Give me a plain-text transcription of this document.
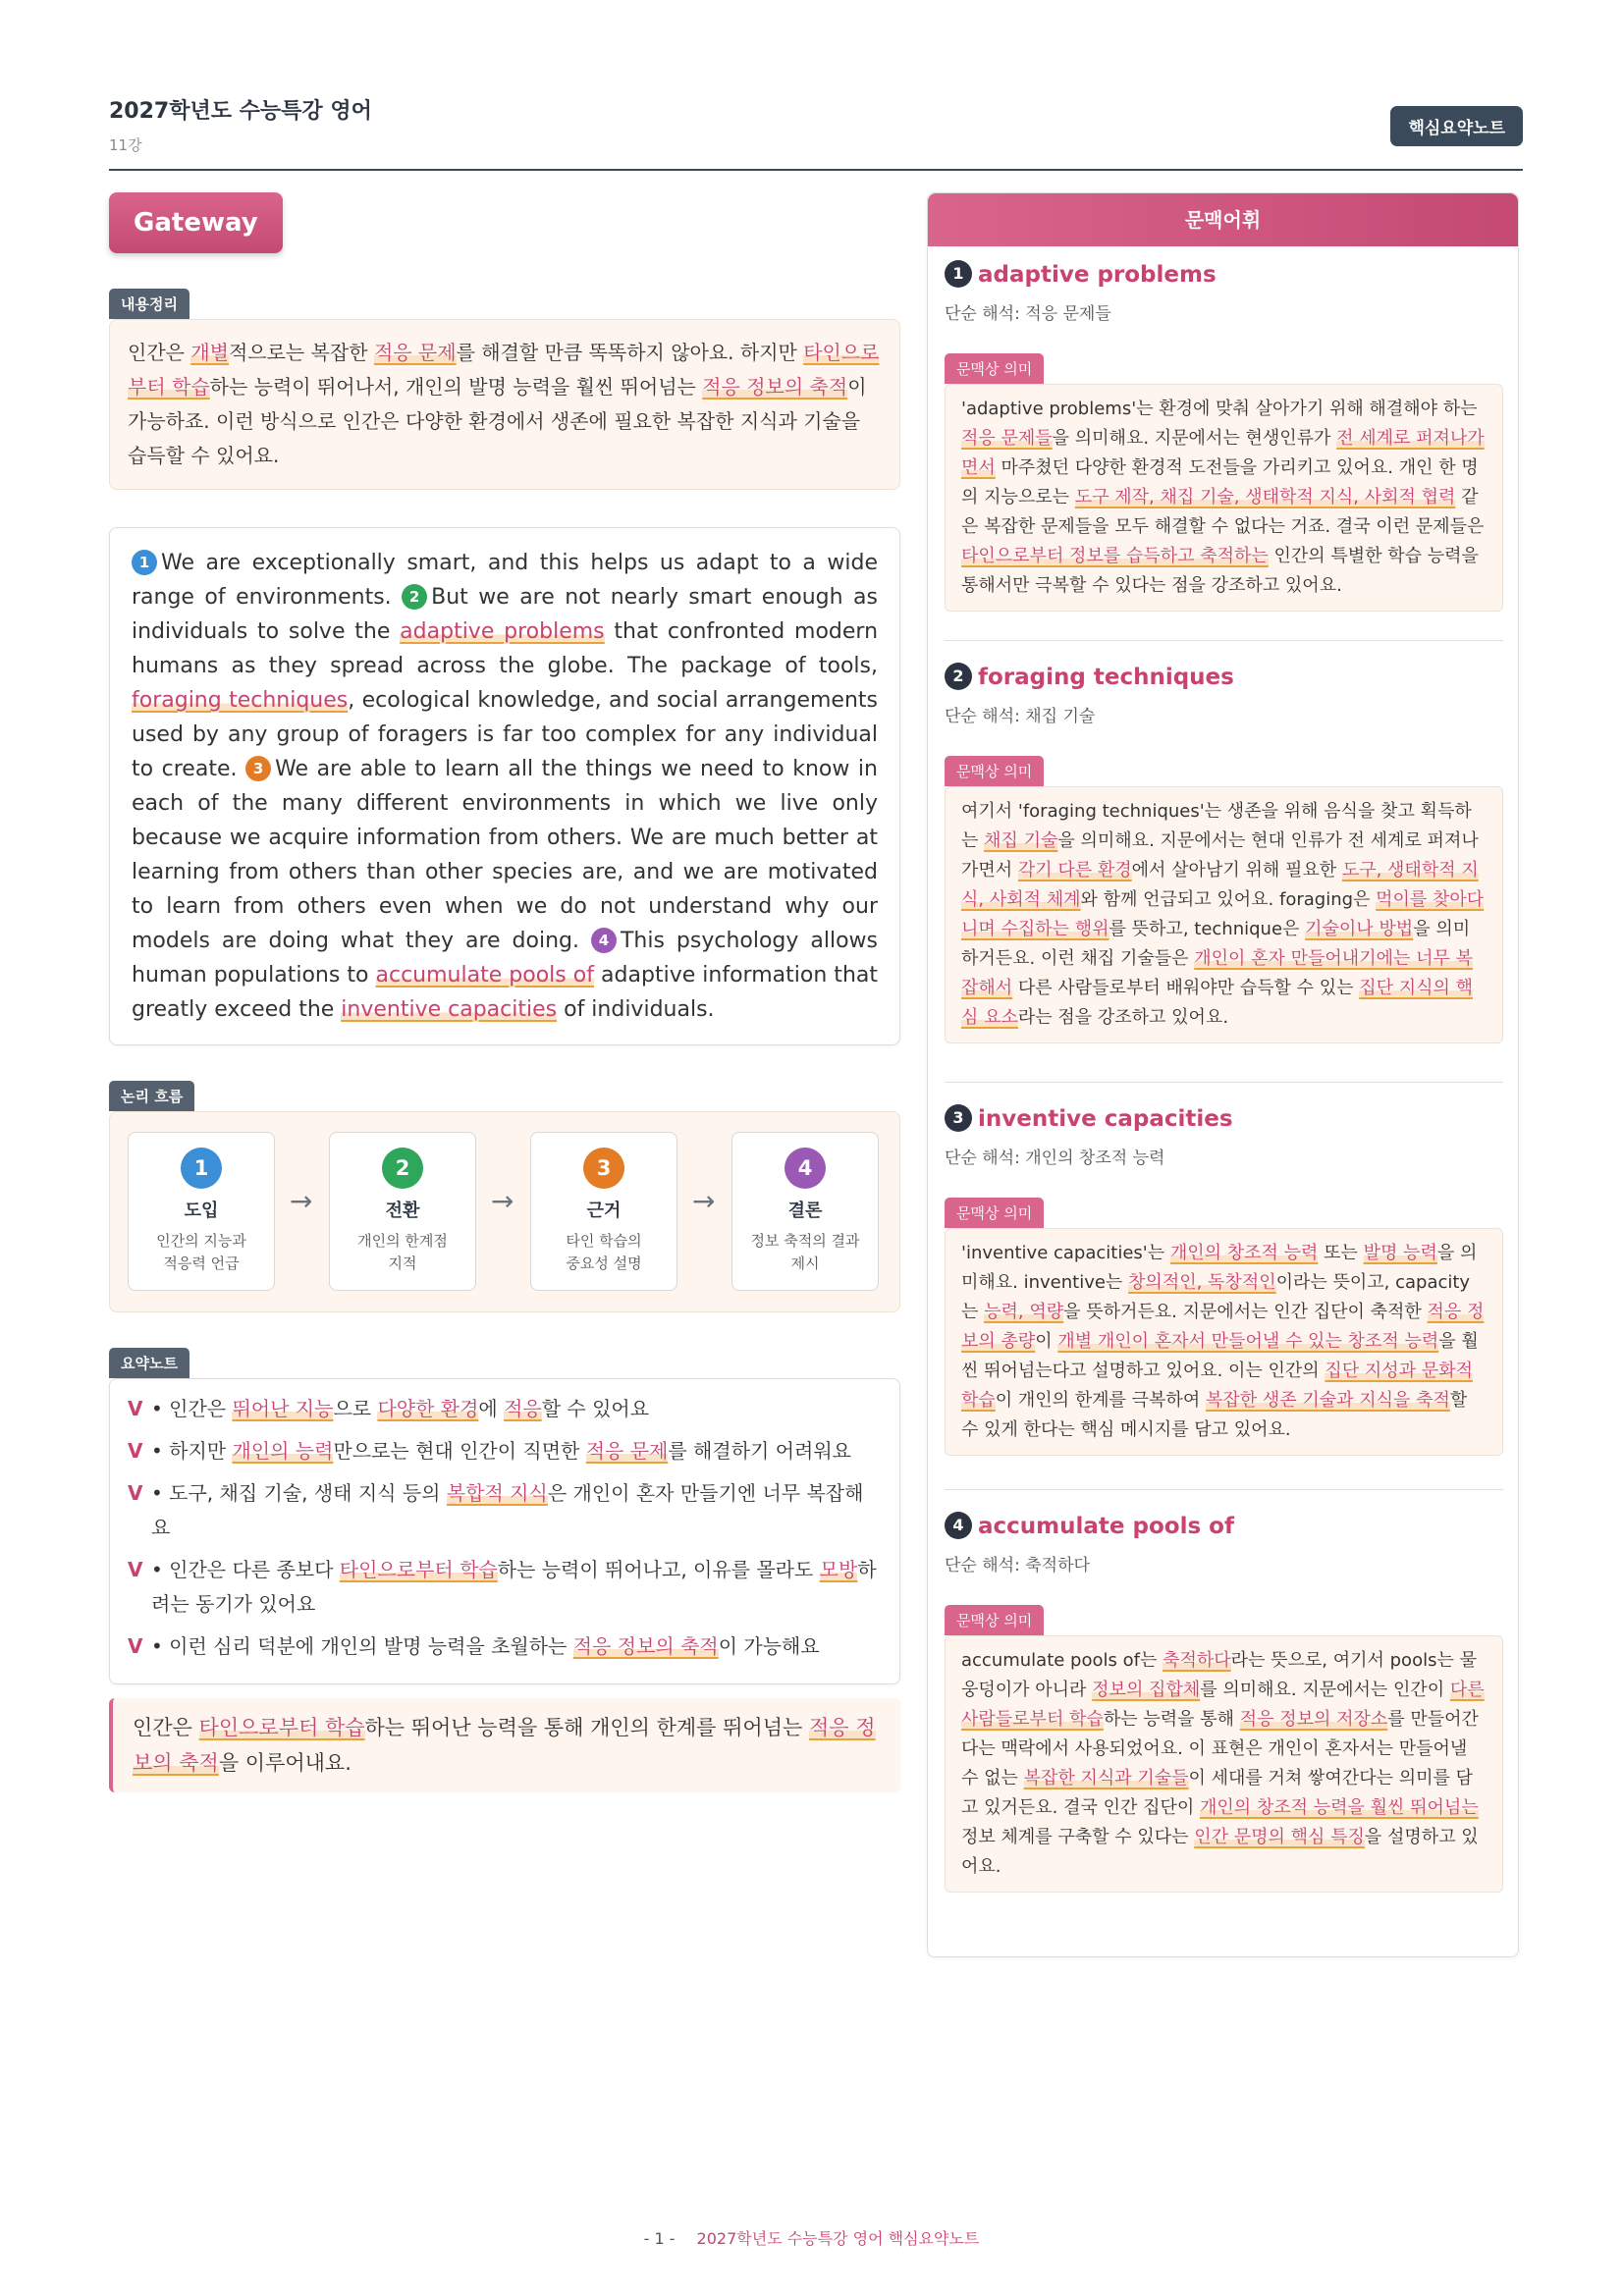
2027학년도 수능특강 영어
11강
핵심요약노트
Gateway
내용정리
인간은 개별적으로는 복잡한 적응 문제를 해결할 만큼 똑똑하지 않아요. 하지만 타인으로부터 학습하는 능력이 뛰어나서, 개인의 발명 능력을 훨씬 뛰어넘는 적응 정보의 축적이 가능하죠. 이런 방식으로 인간은 다양한 환경에서 생존에 필요한 복잡한 지식과 기술을 습득할 수 있어요.
1 We are exceptionally smart, and this helps us adapt to a wide range of environments. 2 But we are not nearly smart enough as individuals to solve the adaptive problems that confronted modern humans as they spread across the globe. The package of tools, foraging techniques, ecological knowledge, and social arrangements used by any group of foragers is far too complex for any individual to create. 3 We are able to learn all the things we need to know in each of the many different environments in which we live only because we acquire information from others. We are much better at learning from others than other species are, and we are motivated to learn from others even when we do not understand why our models are doing what they are doing. 4 This psychology allows human populations to accumulate pools of adaptive information that greatly exceed the inventive capacities of individuals.
논리 흐름
1
도입
인간의 지능과
적응력 언급
→
2
전환
개인의 한계점
지적
→
3
근거
타인 학습의
중요성 설명
→
4
결론
정보 축적의 결과
제시
요약노트
V • 인간은 뛰어난 지능으로 다양한 환경에 적응할 수 있어요
V • 하지만 개인의 능력만으로는 현대 인간이 직면한 적응 문제를 해결하기 어려워요
V • 도구, 채집 기술, 생태 지식 등의 복합적 지식은 개인이 혼자 만들기엔 너무 복잡해요
V • 인간은 다른 종보다 타인으로부터 학습하는 능력이 뛰어나고, 이유를 몰라도 모방하려는 동기가 있어요
V • 이런 심리 덕분에 개인의 발명 능력을 초월하는 적응 정보의 축적이 가능해요
인간은 타인으로부터 학습하는 뛰어난 능력을 통해 개인의 한계를 뛰어넘는 적응 정보의 축적을 이루어내요.
문맥어휘
1 adaptive problems
단순 해석: 적응 문제들
문맥상 의미
'adaptive problems'는 환경에 맞춰 살아가기 위해 해결해야 하는 적응 문제들을 의미해요. 지문에서는 현생인류가 전 세계로 퍼져나가면서 마주쳤던 다양한 환경적 도전들을 가리키고 있어요. 개인 한 명의 지능으로는 도구 제작, 채집 기술, 생태학적 지식, 사회적 협력 같은 복잡한 문제들을 모두 해결할 수 없다는 거죠. 결국 이런 문제들은 타인으로부터 정보를 습득하고 축적하는 인간의 특별한 학습 능력을 통해서만 극복할 수 있다는 점을 강조하고 있어요.
2 foraging techniques
단순 해석: 채집 기술
문맥상 의미
여기서 'foraging techniques'는 생존을 위해 음식을 찾고 획득하는 채집 기술을 의미해요. 지문에서는 현대 인류가 전 세계로 퍼져나가면서 각기 다른 환경에서 살아남기 위해 필요한 도구, 생태학적 지식, 사회적 체계와 함께 언급되고 있어요. foraging은 먹이를 찾아다니며 수집하는 행위를 뜻하고, technique은 기술이나 방법을 의미하거든요. 이런 채집 기술들은 개인이 혼자 만들어내기에는 너무 복잡해서 다른 사람들로부터 배워야만 습득할 수 있는 집단 지식의 핵심 요소라는 점을 강조하고 있어요.
3 inventive capacities
단순 해석: 개인의 창조적 능력
문맥상 의미
'inventive capacities'는 개인의 창조적 능력 또는 발명 능력을 의미해요. inventive는 창의적인, 독창적인이라는 뜻이고, capacity는 능력, 역량을 뜻하거든요. 지문에서는 인간 집단이 축적한 적응 정보의 총량이 개별 개인이 혼자서 만들어낼 수 있는 창조적 능력을 훨씬 뛰어넘는다고 설명하고 있어요. 이는 인간의 집단 지성과 문화적 학습이 개인의 한계를 극복하여 복잡한 생존 기술과 지식을 축적할 수 있게 한다는 핵심 메시지를 담고 있어요.
4 accumulate pools of
단순 해석: 축적하다
문맥상 의미
accumulate pools of는 축적하다라는 뜻으로, 여기서 pools는 물웅덩이가 아니라 정보의 집합체를 의미해요. 지문에서는 인간이 다른 사람들로부터 학습하는 능력을 통해 적응 정보의 저장소를 만들어간다는 맥락에서 사용되었어요. 이 표현은 개인이 혼자서는 만들어낼 수 없는 복잡한 지식과 기술들이 세대를 거쳐 쌓여간다는 의미를 담고 있거든요. 결국 인간 집단이 개인의 창조적 능력을 훨씬 뛰어넘는 정보 체계를 구축할 수 있다는 인간 문명의 핵심 특징을 설명하고 있어요.
- 1 - 2027학년도 수능특강 영어 핵심요약노트
